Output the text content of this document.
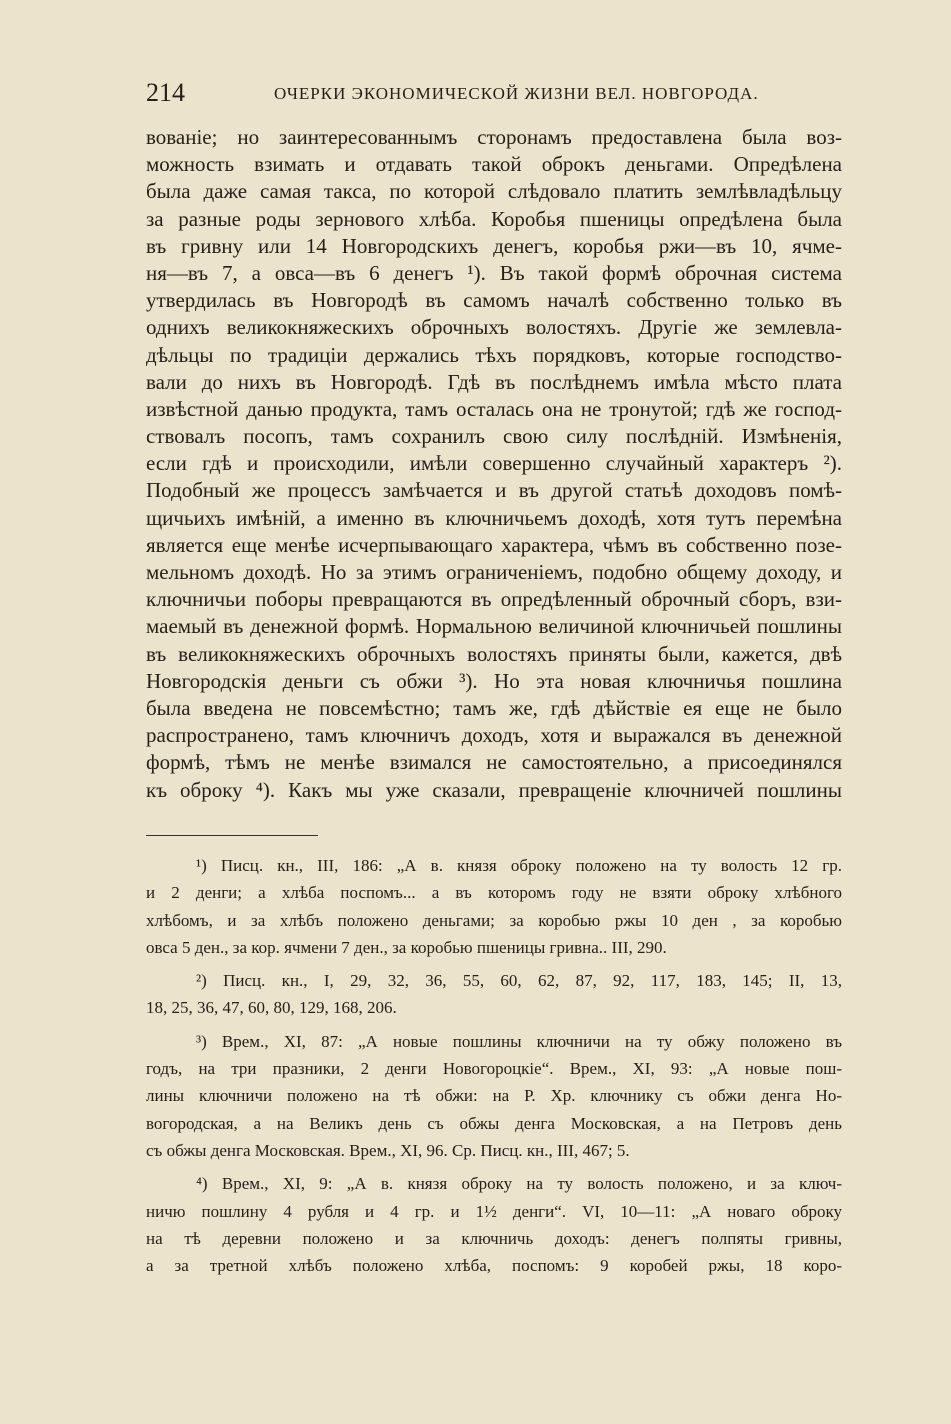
214	ОЧЕРКИ ЭКОНОМИЧЕСКОЙ ЖИЗНИ ВЕЛ. НОВГОРОДА.
вованіе; но заинтересованнымъ сторонамъ предоставлена была воз-
можность взимать и отдавать такой оброкъ деньгами. Опредѣлена
была даже самая такса, по которой слѣдовало платить землѣвладѣльцу
за разные роды зернового хлѣба. Коробья пшеницы опредѣлена была
въ гривну или 14 Новгородскихъ денегъ, коробья ржи—въ 10, ячме-
ня—въ 7, а овса—въ 6 денегъ ¹). Въ такой формѣ оброчная система
утвердилась въ Новгородѣ въ самомъ началѣ собственно только въ
однихъ великокняжескихъ оброчныхъ волостяхъ. Другіе же землевла-
дѣльцы по традиціи держались тѣхъ порядковъ, которые господство-
вали до нихъ въ Новгородѣ. Гдѣ въ послѣднемъ имѣла мѣсто плата
извѣстной данью продукта, тамъ осталась она не тронутой; гдѣ же господ-
ствовалъ посопъ, тамъ сохранилъ свою силу послѣдній. Измѣненія,
если гдѣ и происходили, имѣли совершенно случайный характеръ ²).
Подобный же процессъ замѣчается и въ другой статьѣ доходовъ помѣ-
щичьихъ имѣній, а именно въ ключничьемъ доходѣ, хотя тутъ перемѣна
является еще менѣе исчерпывающаго характера, чѣмъ въ собственно позе-
мельномъ доходѣ. Но за этимъ ограниченіемъ, подобно общему доходу, и
ключничьи поборы превращаются въ опредѣленный оброчный сборъ, взи-
маемый въ денежной формѣ. Нормальною величиной ключничьей пошлины
въ великокняжескихъ оброчныхъ волостяхъ приняты были, кажется, двѣ
Новгородскія деньги съ обжи ³). Но эта новая ключничья пошлина
была введена не повсемѣстно; тамъ же, гдѣ дѣйствіе ея еще не было
распространено, тамъ ключничъ доходъ, хотя и выражался въ денежной
формѣ, тѣмъ не менѣе взимался не самостоятельно, а присоединялся
къ оброку ⁴). Какъ мы уже сказали, превращеніе ключничей пошлины
¹) Писц. кн., III, 186: „А в. князя оброку положено на ту волость 12 гр.
и 2 денги; а хлѣба поспомъ... а въ которомъ году не взяти оброку хлѣбного
хлѣбомъ, и за хлѣбъ положено деньгами; за коробью ржы 10 ден , за коробью
овса 5 ден., за кор. ячмени 7 ден., за коробью пшеницы гривна.. III, 290.
²) Писц. кн., I, 29, 32, 36, 55, 60, 62, 87, 92, 117, 183, 145; II, 13,
18, 25, 36, 47, 60, 80, 129, 168, 206.
³) Врем., XI, 87: „А новые пошлины ключничи на ту обжу положено въ
годъ, на три празники, 2 денги Новогороцкіе“. Врем., XI, 93: „А новые пош-
лины ключничи положено на тѣ обжи: на Р. Хр. ключнику съ обжи денга Но-
вогородская, а на Великъ день съ обжы денга Московская, а на Петровъ день
съ обжы денга Московская. Врем., XI, 96. Ср. Писц. кн., III, 467; 5.
⁴) Врем., XI, 9: „А в. князя оброку на ту волость положено, и за ключ-
ничю пошлину 4 рубля и 4 гр. и 1½ денги“. VI, 10—11: „А новаго оброку
на тѣ деревни положено и за ключничь доходъ: денегъ полпяты гривны,
а за третной хлѣбъ положено хлѣба, поспомъ: 9 коробей ржы, 18 коро-
